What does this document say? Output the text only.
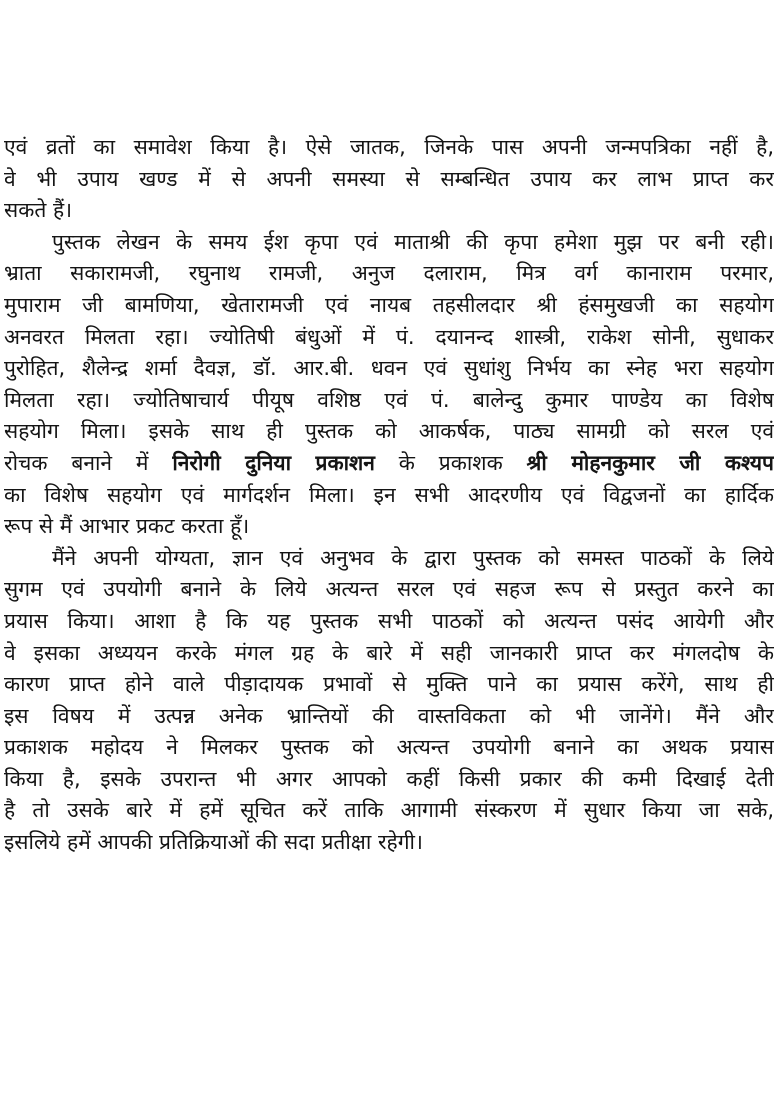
एवं व्रतों का समावेश किया है। ऐसे जातक, जिनके पास अपनी जन्मपत्रिका नहीं है,
वे भी उपाय खण्ड में से अपनी समस्या से सम्बन्धित उपाय कर लाभ प्राप्त कर
सकते हैं।
पुस्तक लेखन के समय ईश कृपा एवं माताश्री की कृपा हमेशा मुझ पर बनी रही।
भ्राता सकारामजी, रघुनाथ रामजी, अनुज दलाराम, मित्र वर्ग कानाराम परमार,
मुपाराम जी बामणिया, खेतारामजी एवं नायब तहसीलदार श्री हंसमुखजी का सहयोग
अनवरत मिलता रहा। ज्योतिषी बंधुओं में पं. दयानन्द शास्त्री, राकेश सोनी, सुधाकर
पुरोहित, शैलेन्द्र शर्मा दैवज्ञ, डॉ. आर.बी. धवन एवं सुधांशु निर्भय का स्नेह भरा सहयोग
मिलता रहा। ज्योतिषाचार्य पीयूष वशिष्ठ एवं पं. बालेन्दु कुमार पाण्डेय का विशेष
सहयोग मिला। इसके साथ ही पुस्तक को आकर्षक, पाठ्य सामग्री को सरल एवं
रोचक बनाने में निरोगी दुनिया प्रकाशन के प्रकाशक श्री मोहनकुमार जी कश्यप
का विशेष सहयोग एवं मार्गदर्शन मिला। इन सभी आदरणीय एवं विद्वजनों का हार्दिक
रूप से मैं आभार प्रकट करता हूँ।
मैंने अपनी योग्यता, ज्ञान एवं अनुभव के द्वारा पुस्तक को समस्त पाठकों के लिये
सुगम एवं उपयोगी बनाने के लिये अत्यन्त सरल एवं सहज रूप से प्रस्तुत करने का
प्रयास किया। आशा है कि यह पुस्तक सभी पाठकों को अत्यन्त पसंद आयेगी और
वे इसका अध्ययन करके मंगल ग्रह के बारे में सही जानकारी प्राप्त कर मंगलदोष के
कारण प्राप्त होने वाले पीड़ादायक प्रभावों से मुक्ति पाने का प्रयास करेंगे, साथ ही
इस विषय में उत्पन्न अनेक भ्रान्तियों की वास्तविकता को भी जानेंगे। मैंने और
प्रकाशक महोदय ने मिलकर पुस्तक को अत्यन्त उपयोगी बनाने का अथक प्रयास
किया है, इसके उपरान्त भी अगर आपको कहीं किसी प्रकार की कमी दिखाई देती
है तो उसके बारे में हमें सूचित करें ताकि आगामी संस्करण में सुधार किया जा सके,
इसलिये हमें आपकी प्रतिक्रियाओं की सदा प्रतीक्षा रहेगी।
